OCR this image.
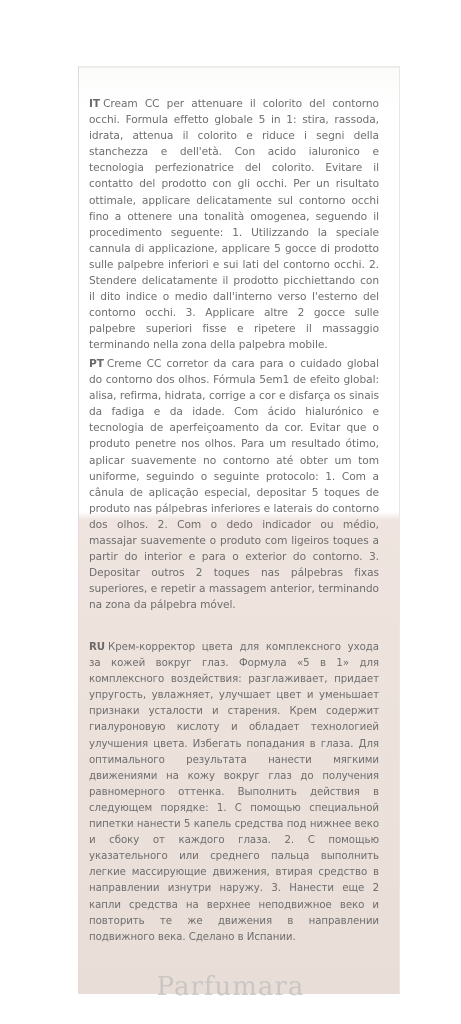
IT Cream CC per attenuare il colorito del contorno occhi. Formula effetto globale 5 in 1: stira, rassoda, idrata, attenua il colorito e riduce i segni della stanchezza e dell'età. Con acido ialuronico e tecnologia perfezionatrice del colorito. Evitare il contatto del prodotto con gli occhi. Per un risultato ottimale, applicare delicatamente sul contorno occhi fino a ottenere una tonalità omogenea, seguendo il procedimento seguente: 1. Utilizzando la speciale cannula di applicazione, applicare 5 gocce di prodotto sulle palpebre inferiori e sui lati del contorno occhi. 2. Stendere delicatamente il prodotto picchiettando con il dito indice o medio dall'interno verso l'esterno del contorno occhi. 3. Applicare altre 2 gocce sulle palpebre superiori fisse e ripetere il massaggio terminando nella zona della palpebra mobile.
PT Creme CC corretor da cara para o cuidado global do contorno dos olhos. Fórmula 5em1 de efeito global: alisa, refirma, hidrata, corrige a cor e disfarça os sinais da fadiga e da idade. Com ácido hialurónico e tecnologia de aperfeiçoamento da cor. Evitar que o produto penetre nos olhos. Para um resultado ótimo, aplicar suavemente no contorno até obter um tom uniforme, seguindo o seguinte protocolo: 1. Com a cânula de aplicação especial, depositar 5 toques de produto nas pálpebras inferiores e laterais do contorno dos olhos. 2. Com o dedo indicador ou médio, massajar suavemente o produto com ligeiros toques a partir do interior e para o exterior do contorno. 3. Depositar outros 2 toques nas pálpebras fixas superiores, e repetir a massagem anterior, terminando na zona da pálpebra móvel.
RU Крем-корректор цвета для комплексного ухода за кожей вокруг глаз. Формула «5 в 1» для комплексного воздействия: разглаживает, придает упругость, увлажняет, улучшает цвет и уменьшает признаки усталости и старения. Крем содержит гиалуроновую кислоту и обладает технологией улучшения цвета. Избегать попадания в глаза. Для оптимального результата нанести мягкими движениями на кожу вокруг глаз до получения равномерного оттенка. Выполнить действия в следующем порядке: 1. С помощью специальной пипетки нанести 5 капель средства под нижнее веко и сбоку от каждого глаза. 2. С помощью указательного или среднего пальца выполнить легкие массирующие движения, втирая средство в направлении изнутри наружу. 3. Нанести еще 2 капли средства на верхнее неподвижное веко и повторить те же движения в направлении подвижного века. Сделано в Испании.
Parfumara
